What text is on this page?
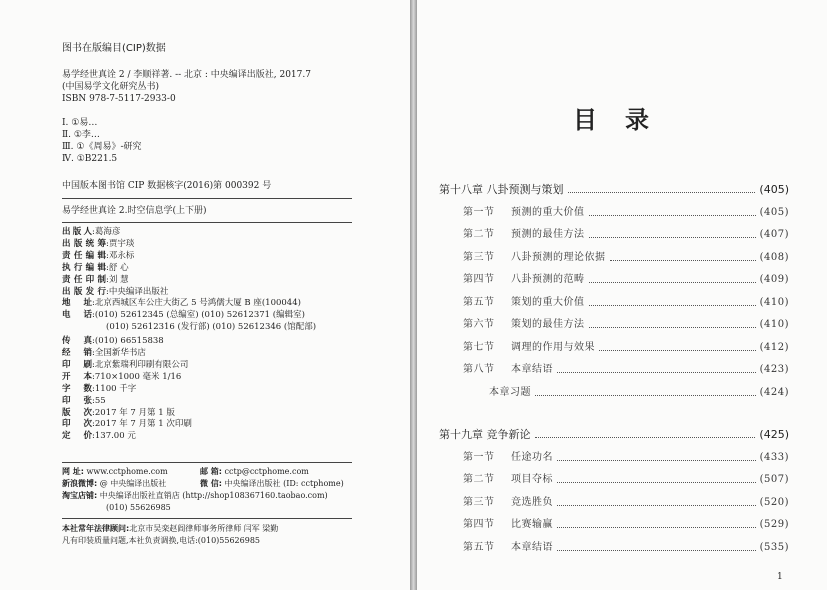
图书在版编目(CIP)数据
易学经世真诠 2 / 李顺祥著. -- 北京 : 中央编译出版社, 2017.7
(中国易学文化研究丛书)
ISBN 978-7-5117-2933-0
Ⅰ. ①易…
Ⅱ. ①李…
Ⅲ. ①《周易》-研究
Ⅳ. ①B221.5
中国版本图书馆 CIP 数据核字(2016)第 000392 号
易学经世真诠 2.时空信息学(上下册)
出版人:葛海彦
出版统筹:贾宇琰
责任编辑:邓永标
执行编辑:舒 心
责任印制:刘 慧
出版发行:中央编译出版社
地址:北京西城区车公庄大街乙 5 号鸿儒大厦 B 座(100044)
电话:(010) 52612345 (总编室) (010) 52612371 (编辑室)
(010) 52612316 (发行部) (010) 52612346 (馆配部)
传真:(010) 66515838
经销:全国新华书店
印刷:北京紫瑞利印刷有限公司
开本:710×1000 毫米 1/16
字数:1100 千字
印张:55
版次:2017 年 7 月第 1 版
印次:2017 年 7 月第 1 次印刷
定价:137.00 元
网 址: www.cctphome.com	邮 箱: cctp@cctphome.com
新浪微博: @ 中央编译出版社	微 信: 中央编译出版社 (ID: cctphome)
淘宝店铺: 中央编译出版社直销店 (http://shop108367160.taobao.com)
(010) 55626985
本社常年法律顾问:北京市吴栾赵阎律师事务所律师 闫军 梁勤
凡有印装质量问题,本社负责调换,电话:(010)55626985
目 录
第十八章 八卦预测与策划	(405)
第一节 预测的重大价值	(405)
第二节 预测的最佳方法	(407)
第三节 八卦预测的理论依据	(408)
第四节 八卦预测的范畴	(409)
第五节 策划的重大价值	(410)
第六节 策划的最佳方法	(410)
第七节 调理的作用与效果	(412)
第八节 本章结语	(423)
本章习题	(424)
第十九章 竞争新论	(425)
第一节 任途功名	(433)
第二节 项目夺标	(507)
第三节 竞选胜负	(520)
第四节 比赛输赢	(529)
第五节 本章结语	(535)
1
